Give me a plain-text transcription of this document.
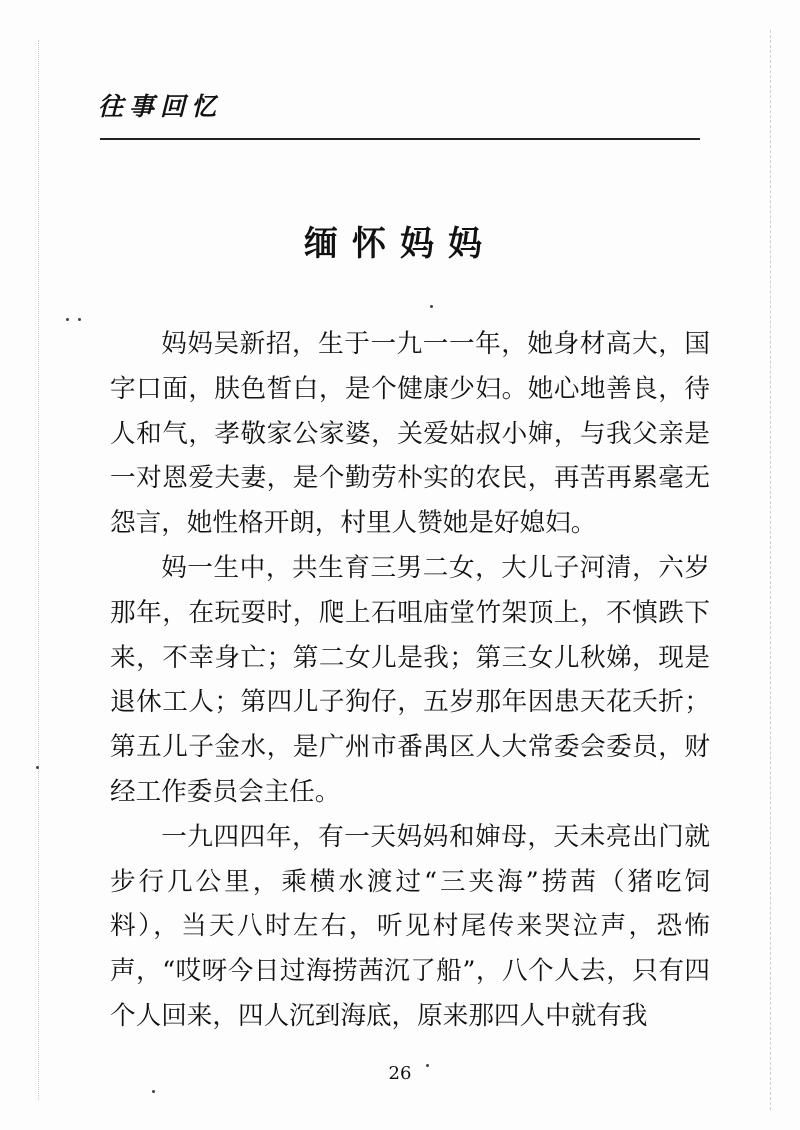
往事回忆
缅怀妈妈

妈妈吴新招，生于一九一一年，她身材高大，国字口面，肤色皙白，是个健康少妇。她心地善良，待人和气，孝敬家公家婆，关爱姑叔小婶，与我父亲是一对恩爱夫妻，是个勤劳朴实的农民，再苦再累毫无怨言，她性格开朗，村里人赞她是好媳妇。

妈一生中，共生育三男二女，大儿子河清，六岁那年，在玩耍时，爬上石咀庙堂竹架顶上，不慎跌下来，不幸身亡；第二女儿是我；第三女儿秋娣，现是退休工人；第四儿子狗仔，五岁那年因患天花夭折；第五儿子金水，是广州市番禺区人大常委会委员，财经工作委员会主任。

一九四四年，有一天妈妈和婶母，天未亮出门就步行几公里，乘横水渡过“三夹海”捞茜（猪吃饲料），当天八时左右，听见村尾传来哭泣声，恐怖声，“哎呀今日过海捞茜沉了船”，八个人去，只有四个人回来，四人沉到海底，原来那四人中就有我

26
